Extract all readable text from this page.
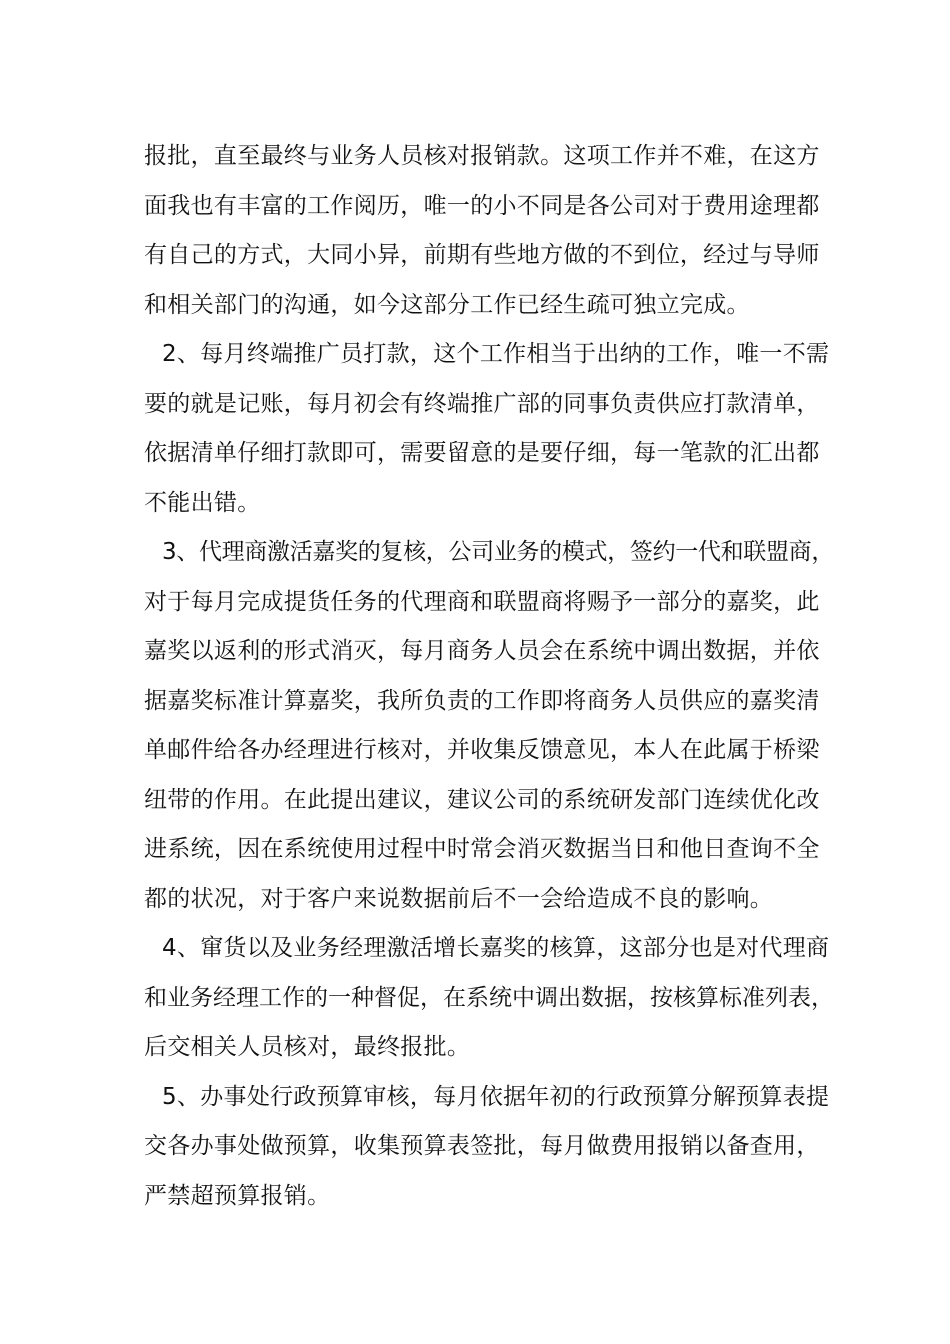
报批，直至最终与业务人员核对报销款。这项工作并不难，在这方
面我也有丰富的工作阅历，唯一的小不同是各公司对于费用途理都
有自己的方式，大同小异，前期有些地方做的不到位，经过与导师
和相关部门的沟通，如今这部分工作已经生疏可独立完成。
2、每月终端推广员打款，这个工作相当于出纳的工作，唯一不需
要的就是记账，每月初会有终端推广部的同事负责供应打款清单，
依据清单仔细打款即可，需要留意的是要仔细，每一笔款的汇出都
不能出错。
3、代理商激活嘉奖的复核，公司业务的模式，签约一代和联盟商，
对于每月完成提货任务的代理商和联盟商将赐予一部分的嘉奖，此
嘉奖以返利的形式消灭，每月商务人员会在系统中调出数据，并依
据嘉奖标准计算嘉奖，我所负责的工作即将商务人员供应的嘉奖清
单邮件给各办经理进行核对，并收集反馈意见，本人在此属于桥梁
纽带的作用。在此提出建议，建议公司的系统研发部门连续优化改
进系统，因在系统使用过程中时常会消灭数据当日和他日查询不全
都的状况，对于客户来说数据前后不一会给造成不良的影响。
4、窜货以及业务经理激活增长嘉奖的核算，这部分也是对代理商
和业务经理工作的一种督促，在系统中调出数据，按核算标准列表，
后交相关人员核对，最终报批。
5、办事处行政预算审核，每月依据年初的行政预算分解预算表提
交各办事处做预算，收集预算表签批，每月做费用报销以备查用，
严禁超预算报销。
